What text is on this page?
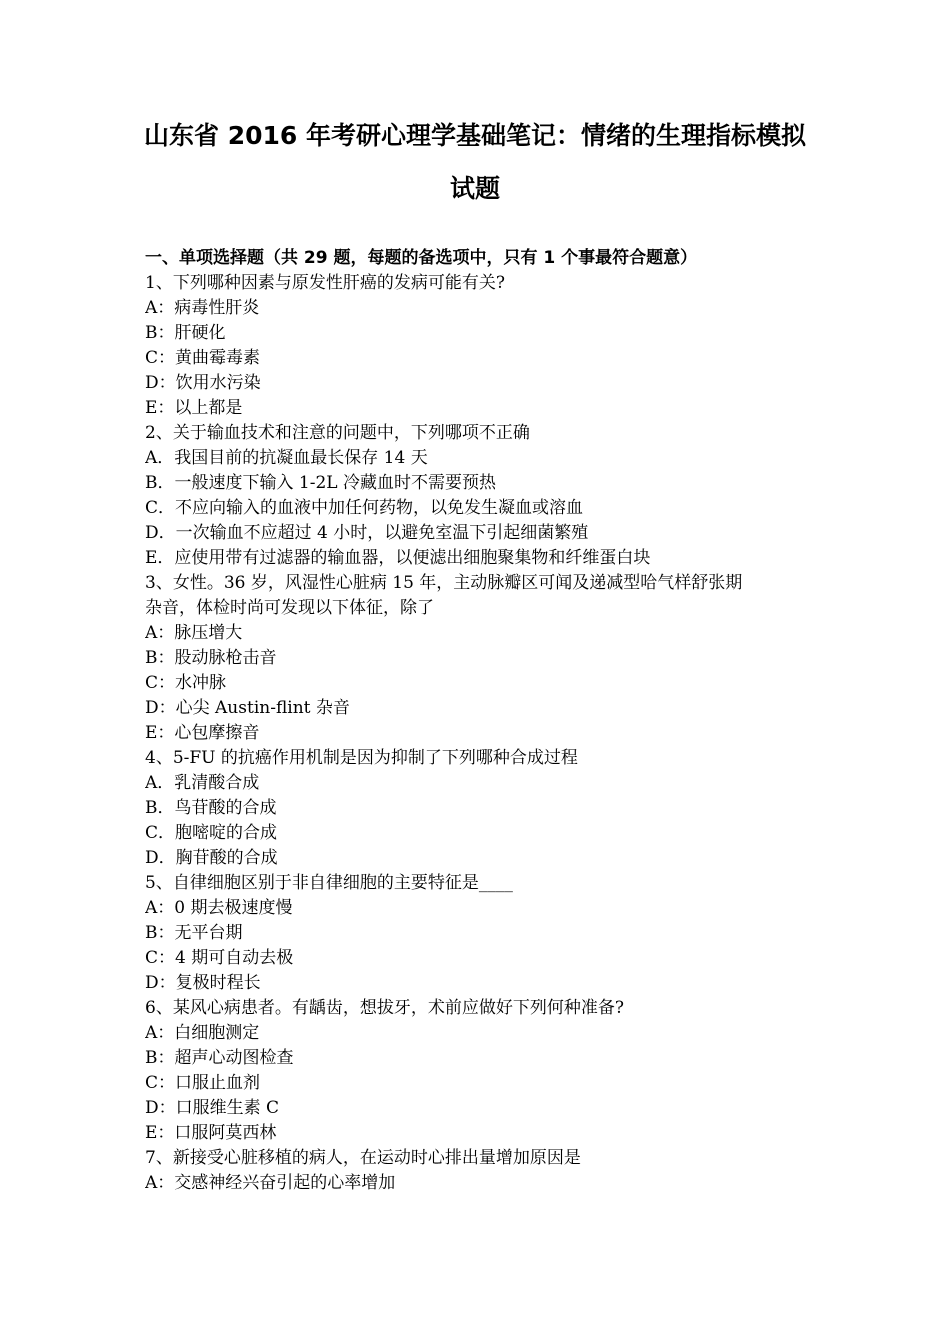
山东省 2016 年考研心理学基础笔记：情绪的生理指标模拟
试题
一、单项选择题（共 29 题，每题的备选项中，只有 1 个事最符合题意）
1、下列哪种因素与原发性肝癌的发病可能有关?
A：病毒性肝炎
B：肝硬化
C：黄曲霉毒素
D：饮用水污染
E：以上都是
2、关于输血技术和注意的问题中，下列哪项不正确
A．我国目前的抗凝血最长保存 14 天
B．一般速度下输入 1-2L 冷藏血时不需要预热
C．不应向输入的血液中加任何药物，以免发生凝血或溶血
D．一次输血不应超过 4 小时，以避免室温下引起细菌繁殖
E．应使用带有过滤器的输血器，以便滤出细胞聚集物和纤维蛋白块
3、女性。36 岁，风湿性心脏病 15 年，主动脉瓣区可闻及递减型哈气样舒张期
杂音，体检时尚可发现以下体征，除了
A：脉压增大
B：股动脉枪击音
C：水冲脉
D：心尖 Austin-flint 杂音
E：心包摩擦音
4、5-FU 的抗癌作用机制是因为抑制了下列哪种合成过程
A．乳清酸合成
B．鸟苷酸的合成
C．胞嘧啶的合成
D．胸苷酸的合成
5、自律细胞区别于非自律细胞的主要特征是____
A：0 期去极速度慢
B：无平台期
C：4 期可自动去极
D：复极时程长
6、某风心病患者。有龋齿，想拔牙，术前应做好下列何种准备?
A：白细胞测定
B：超声心动图检查
C：口服止血剂
D：口服维生素 C
E：口服阿莫西林
7、新接受心脏移植的病人，在运动时心排出量增加原因是
A：交感神经兴奋引起的心率增加
